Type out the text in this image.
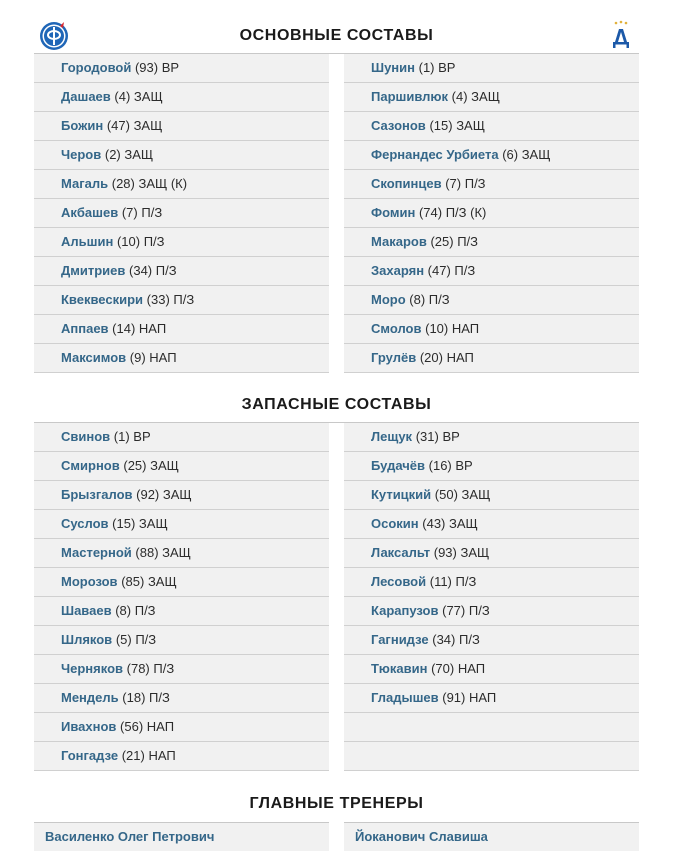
ОСНОВНЫЕ СОСТАВЫ
Городовой (93) ВР
Дашаев (4) ЗАЩ
Божин (47) ЗАЩ
Черов (2) ЗАЩ
Магаль (28) ЗАЩ (К)
Акбашев (7) П/З
Альшин (10) П/З
Дмитриев (34) П/З
Квеквескири (33) П/З
Аппаев (14) НАП
Максимов (9) НАП
Шунин (1) ВР
Паршивлюк (4) ЗАЩ
Сазонов (15) ЗАЩ
Фернандес Урбиета (6) ЗАЩ
Скопинцев (7) П/З
Фомин (74) П/З (К)
Макаров (25) П/З
Захарян (47) П/З
Моро (8) П/З
Смолов (10) НАП
Грулёв (20) НАП
ЗАПАСНЫЕ СОСТАВЫ
Свинов (1) ВР
Смирнов (25) ЗАЩ
Брызгалов (92) ЗАЩ
Суслов (15) ЗАЩ
Мастерной (88) ЗАЩ
Морозов (85) ЗАЩ
Шаваев (8) П/З
Шляков (5) П/З
Черняков (78) П/З
Мендель (18) П/З
Ивахнов (56) НАП
Гонгадзе (21) НАП
Лещук (31) ВР
Будачёв (16) ВР
Кутицкий (50) ЗАЩ
Осокин (43) ЗАЩ
Лаксальт (93) ЗАЩ
Лесовой (11) П/З
Карапузов (77) П/З
Гагнидзе (34) П/З
Тюкавин (70) НАП
Гладышев (91) НАП
ГЛАВНЫЕ ТРЕНЕРЫ
Василенко Олег Петрович	Йоканович Славиша
